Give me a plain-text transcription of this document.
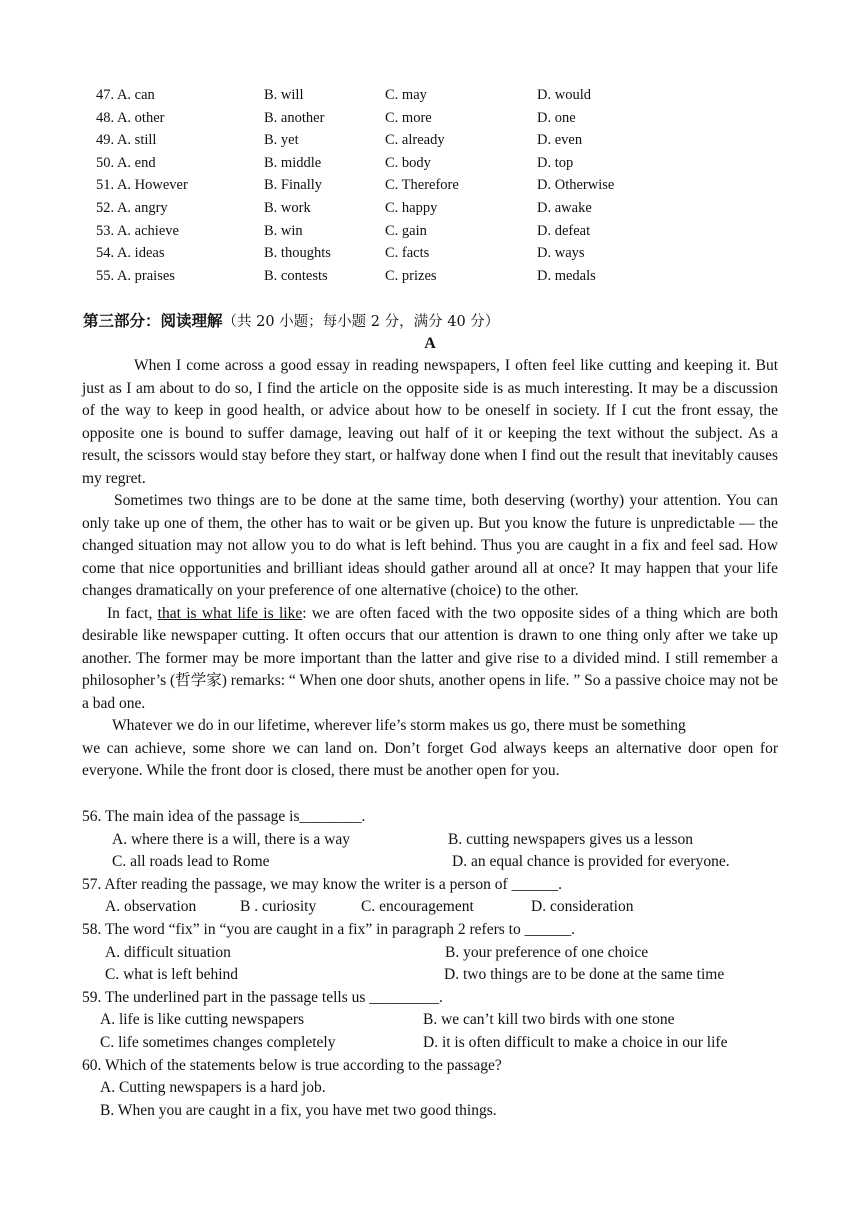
47. A. can	B. will	C. may	D. would
48. A. other	B. another	C. more	D. one
49. A. still	B. yet	C. already	D. even
50. A. end	B. middle	C. body	D. top
51. A. However	B. Finally	C. Therefore	D. Otherwise
52. A. angry	B. work	C. happy	D. awake
53. A. achieve	B. win	C. gain	D. defeat
54. A. ideas	B. thoughts	C. facts	D. ways
55. A. praises	B. contests	C. prizes	D. medals
第三部分：阅读理解（共 20 小题；每小题 2 分，满分 40 分）
A

When I come across a good essay in reading newspapers, I often feel like cutting and keeping it. But just as I am about to do so, I find the article on the opposite side is as much interesting. It may be a discussion of the way to keep in good health, or advice about how to be oneself in society. If I cut the front essay, the opposite one is bound to suffer damage, leaving out half of it or keeping the text without the subject. As a result, the scissors would stay before they start, or halfway done when I find out the result that inevitably causes my regret.

Sometimes two things are to be done at the same time, both deserving (worthy) your attention. You can only take up one of them, the other has to wait or be given up. But you know the future is unpredictable — the changed situation may not allow you to do what is left behind. Thus you are caught in a fix and feel sad. How come that nice opportunities and brilliant ideas should gather around all at once? It may happen that your life changes dramatically on your preference of one alternative (choice) to the other.

In fact, that is what life is like: we are often faced with the two opposite sides of a thing which are both desirable like newspaper cutting. It often occurs that our attention is drawn to one thing only after we take up another. The former may be more important than the latter and give rise to a divided mind. I still remember a philosopher’s (哲学家) remarks: “ When one door shuts, another opens in life. ” So a passive choice may not be a bad one.

Whatever we do in our lifetime, wherever life’s storm makes us go, there must be something

we can achieve, some shore we can land on. Don’t forget God always keeps an alternative door open for everyone. While the front door is closed, there must be another open for you.

56. The main idea of the passage is________.
A. where there is a will, there is a way	B. cutting newspapers gives us a lesson
C. all roads lead to Rome	D. an equal chance is provided for everyone.
57. After reading the passage, we may know the writer is a person of ______.
A. observation	B . curiosity	C. encouragement	D. consideration
58. The word “fix” in “you are caught in a fix” in paragraph 2 refers to ______.
A. difficult situation	B. your preference of one choice
C. what is left behind	D. two things are to be done at the same time
59. The underlined part in the passage tells us _________.
A. life is like cutting newspapers	B. we can’t kill two birds with one stone
C. life sometimes changes completely	D. it is often difficult to make a choice in our life
60. Which of the statements below is true according to the passage?
A. Cutting newspapers is a hard job.
B. When you are caught in a fix, you have met two good things.
